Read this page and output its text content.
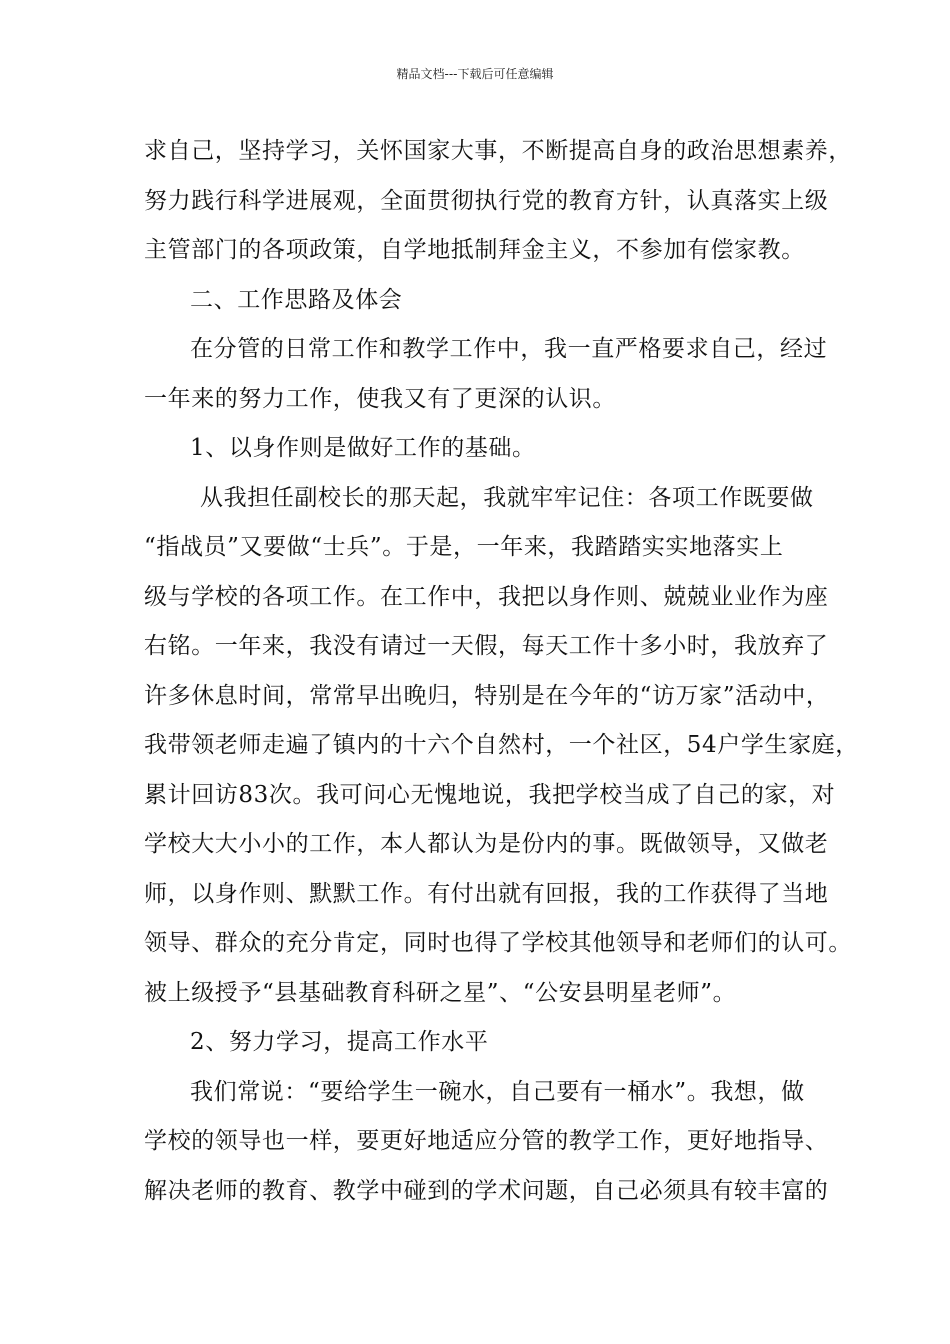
精品文档---下载后可任意编辑
求自己，坚持学习，关怀国家大事，不断提高自身的政治思想素养，
努力践行科学进展观，全面贯彻执行党的教育方针，认真落实上级
主管部门的各项政策，自学地抵制拜金主义，不参加有偿家教。
二、工作思路及体会
在分管的日常工作和教学工作中，我一直严格要求自己，经过
一年来的努力工作，使我又有了更深的认识。
1、以身作则是做好工作的基础。
从我担任副校长的那天起，我就牢牢记住：各项工作既要做
“指战员”又要做“士兵”。于是，一年来，我踏踏实实地落实上
级与学校的各项工作。在工作中，我把以身作则、兢兢业业作为座
右铭。一年来，我没有请过一天假，每天工作十多小时，我放弃了
许多休息时间，常常早出晚归，特别是在今年的“访万家”活动中，
我带领老师走遍了镇内的十六个自然村，一个社区，54户学生家庭，
累计回访83次。我可问心无愧地说，我把学校当成了自己的家，对
学校大大小小的工作，本人都认为是份内的事。既做领导，又做老
师，以身作则、默默工作。有付出就有回报，我的工作获得了当地
领导、群众的充分肯定，同时也得了学校其他领导和老师们的认可。
被上级授予“县基础教育科研之星”、“公安县明星老师”。
2、努力学习，提高工作水平
我们常说：“要给学生一碗水，自己要有一桶水”。我想，做
学校的领导也一样，要更好地适应分管的教学工作，更好地指导、
解决老师的教育、教学中碰到的学术问题，自己必须具有较丰富的
